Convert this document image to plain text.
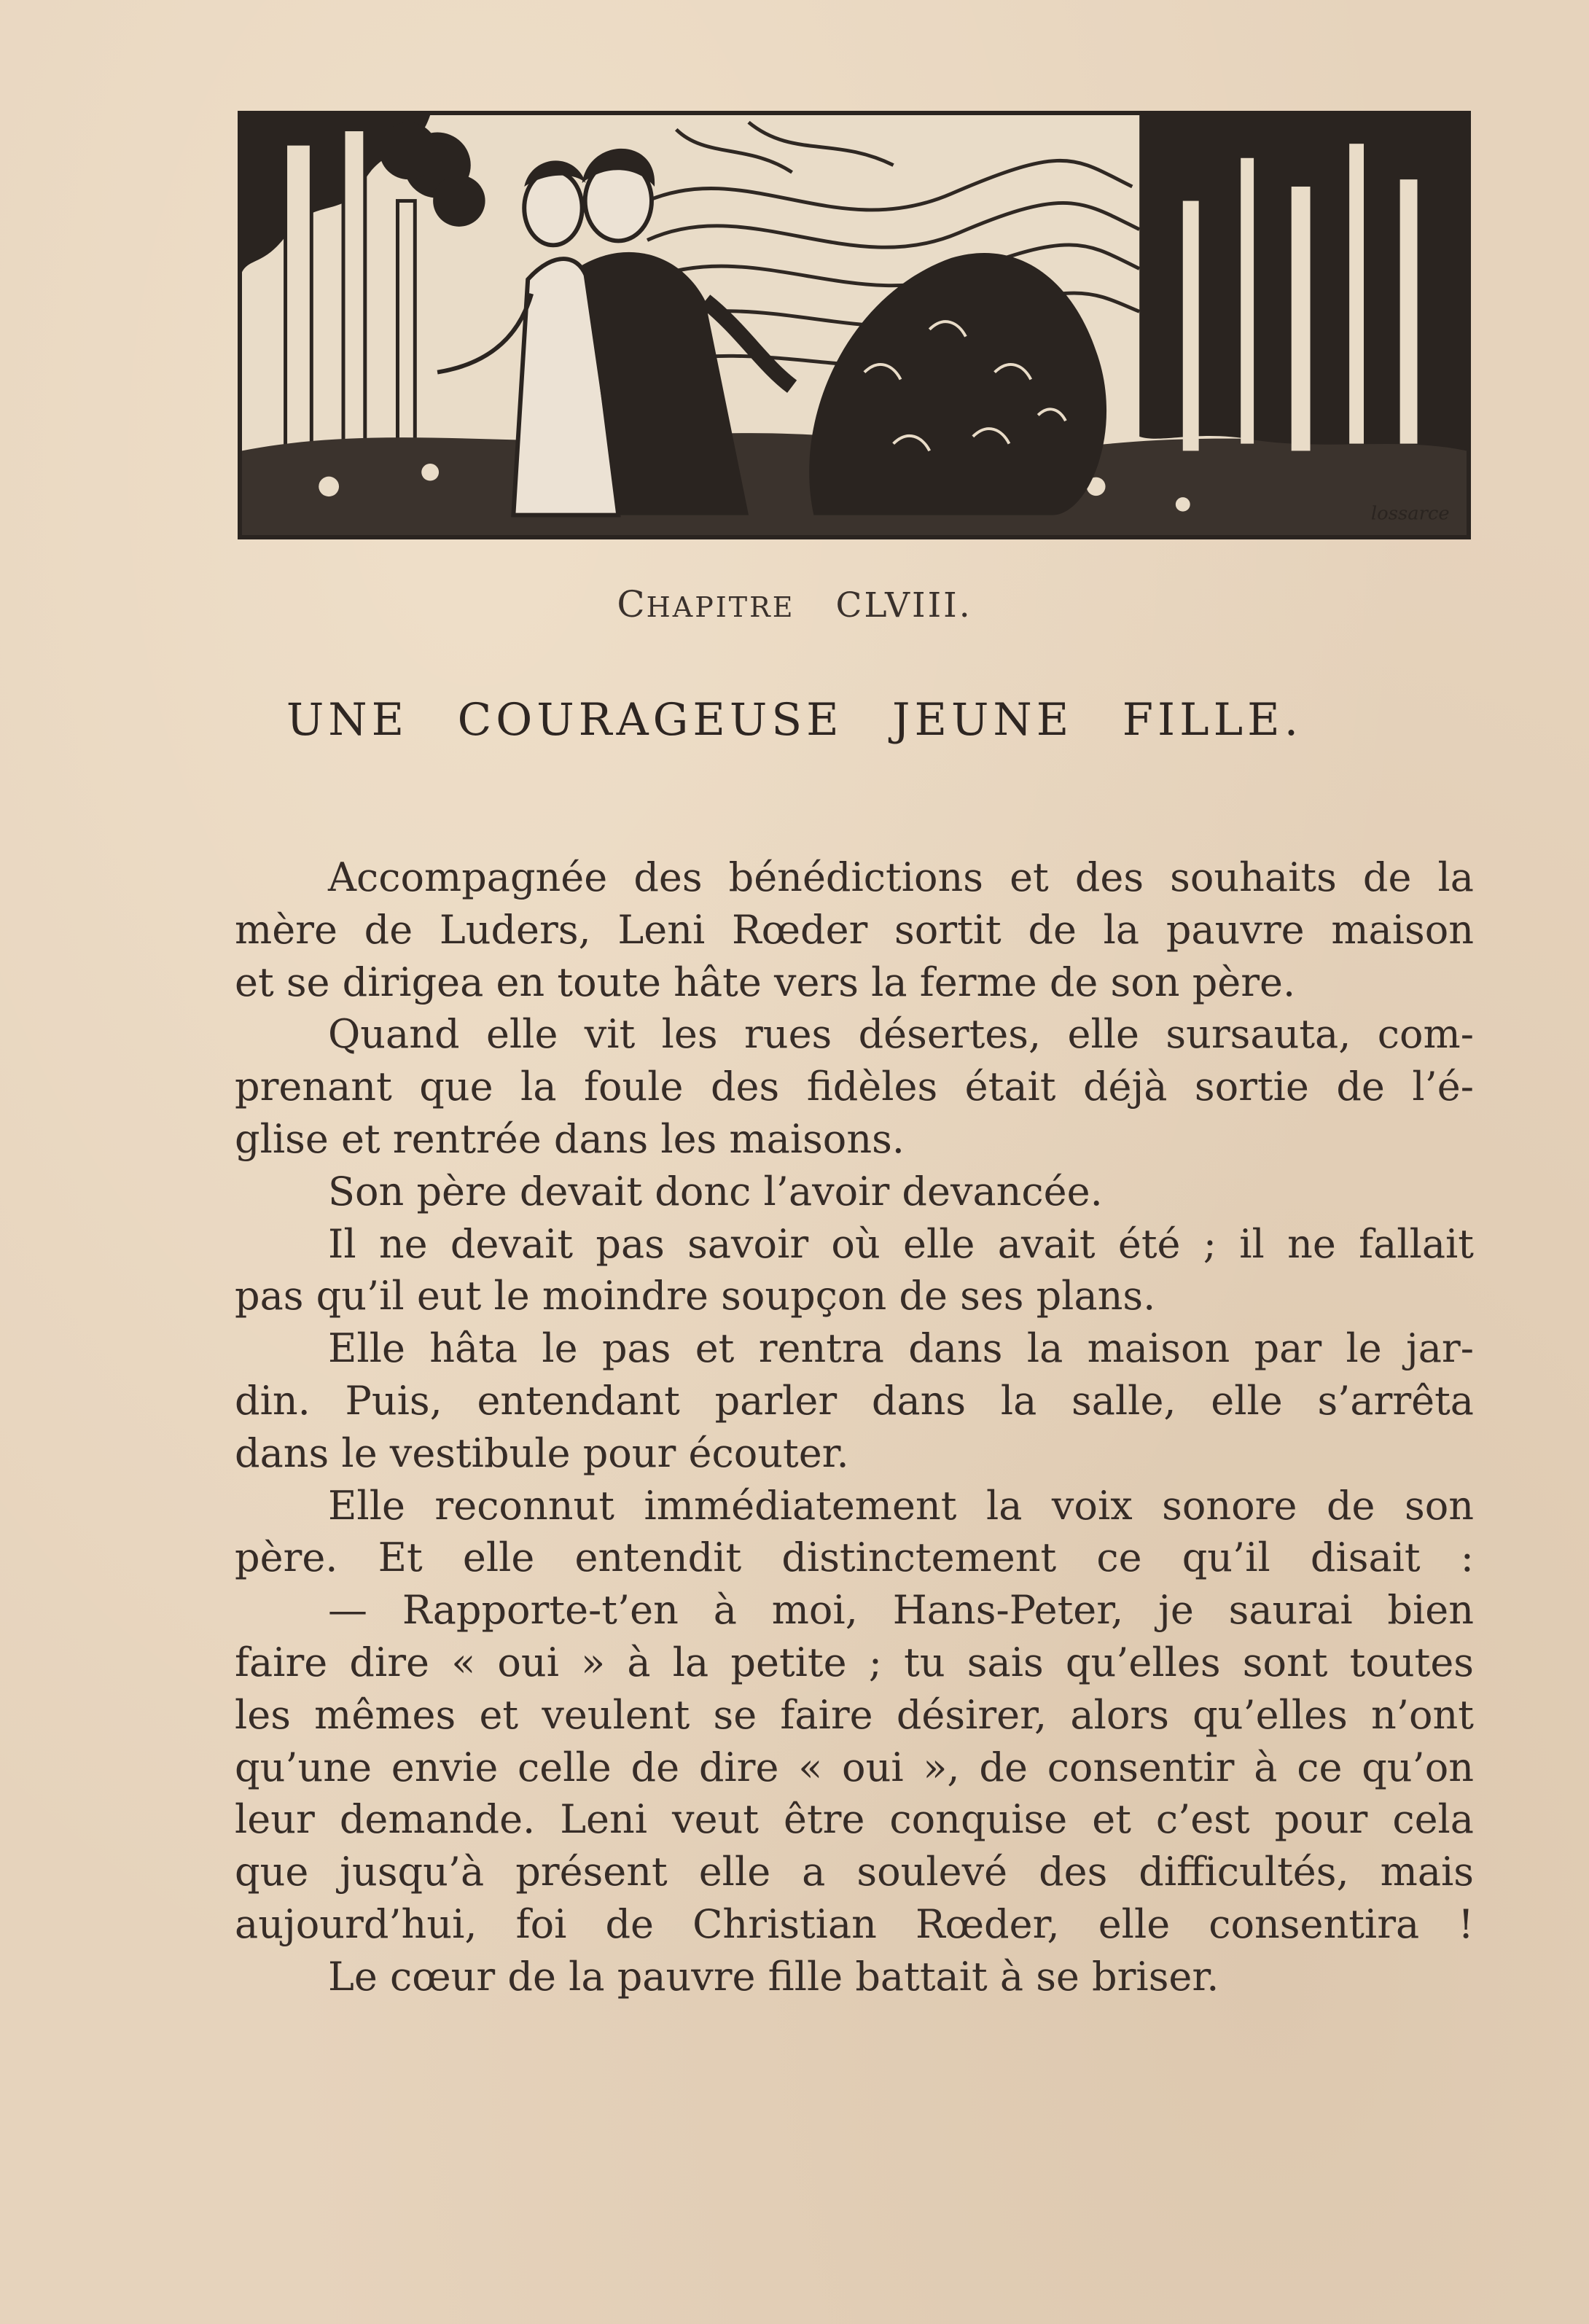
lossarce
CHAPITRE CLVIII.
UNE COURAGEUSE JEUNE FILLE.
Accompagnée des bénédictions et des souhaits de la
mère de Luders, Leni Rœder sortit de la pauvre maison
et se dirigea en toute hâte vers la ferme de son père.
Quand elle vit les rues désertes, elle sursauta, com-
prenant que la foule des fidèles était déjà sortie de l’é-
glise et rentrée dans les maisons.
Son père devait donc l’avoir devancée.
Il ne devait pas savoir où elle avait été ; il ne fallait
pas qu’il eut le moindre soupçon de ses plans.
Elle hâta le pas et rentra dans la maison par le jar-
din. Puis, entendant parler dans la salle, elle s’arrêta
dans le vestibule pour écouter.
Elle reconnut immédiatement la voix sonore de son
père. Et elle entendit distinctement ce qu’il disait :
— Rapporte-t’en à moi, Hans-Peter, je saurai bien
faire dire « oui » à la petite ; tu sais qu’elles sont toutes
les mêmes et veulent se faire désirer, alors qu’elles n’ont
qu’une envie celle de dire « oui », de consentir à ce qu’on
leur demande. Leni veut être conquise et c’est pour cela
que jusqu’à présent elle a soulevé des difficultés, mais
aujourd’hui, foi de Christian Rœder, elle consentira !
Le cœur de la pauvre fille battait à se briser.
